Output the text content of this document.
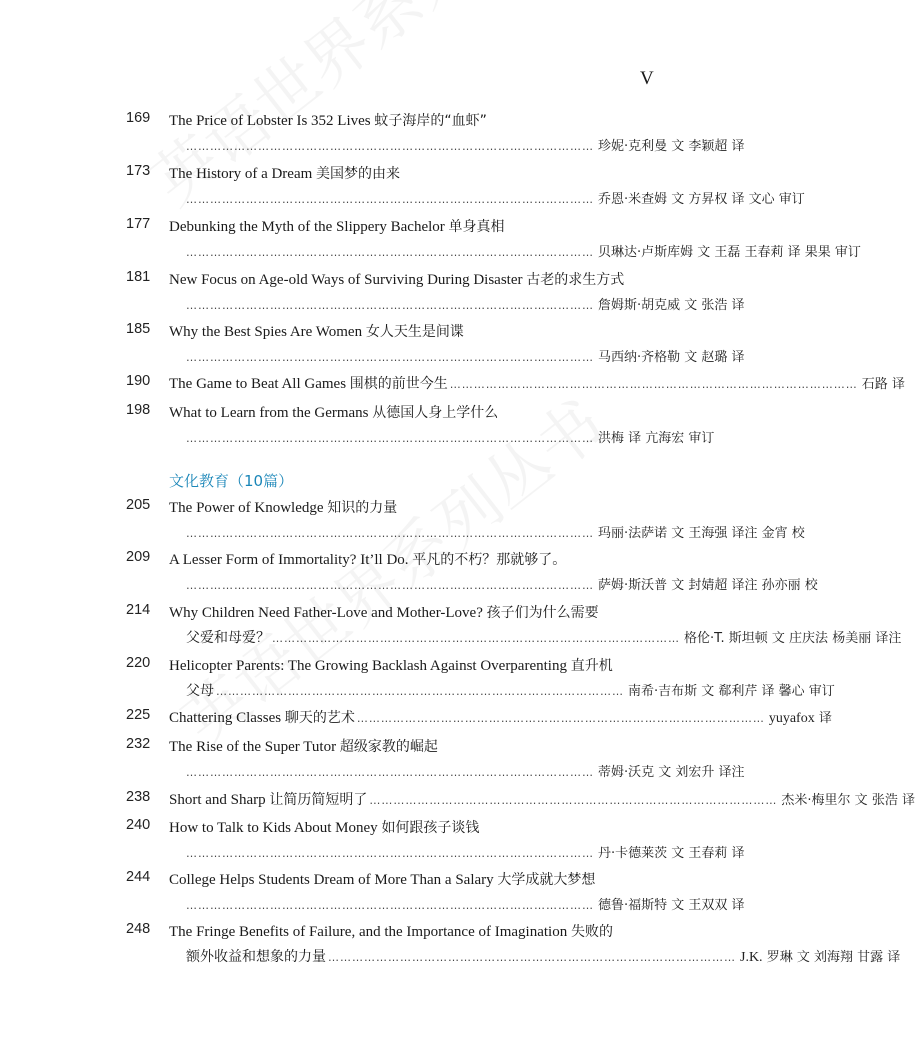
V
169	The Price of Lobster Is 352 Lives 蚊子海岸的“血虾”
………………………………………………………………………………………… 珍妮·克利曼 文 李颖超 译
173	The History of a Dream 美国梦的由来
………………………………………………………………………………………… 乔恩·米查姆 文 方昇权 译 文心 审订
177	Debunking the Myth of the Slippery Bachelor 单身真相
………………………………………………………………………………………… 贝琳达·卢斯库姆 文 王磊 王春莉 译 果果 审订
181	New Focus on Age-old Ways of Surviving During Disaster 古老的求生方式
………………………………………………………………………………………… 詹姆斯·胡克威 文 张浩 译
185	Why the Best Spies Are Women 女人天生是间谍
………………………………………………………………………………………… 马西纳·齐格勒 文 赵璐 译
190	The Game to Beat All Games 围棋的前世今生 ………………………………………………………………………………………… 石路 译
198	What to Learn from the Germans 从德国人身上学什么
………………………………………………………………………………………… 洪梅 译 亢海宏 审订
文化教育（10篇）
205	The Power of Knowledge 知识的力量
………………………………………………………………………………………… 玛丽·法萨诺 文 王海强 译注 金宵 校
209	A Lesser Form of Immortality? It’ll Do. 平凡的不朽？那就够了。
………………………………………………………………………………………… 萨姆·斯沃普 文 封婧超 译注 孙亦丽 校
214	Why Children Need Father-Love and Mother-Love? 孩子们为什么需要
父爱和母爱？ ………………………………………………………………………………………… 格伦·T. 斯坦顿 文 庄庆法 杨美丽 译注
220	Helicopter Parents: The Growing Backlash Against Overparenting 直升机
父母 ………………………………………………………………………………………… 南希·吉布斯 文 郗利芹 译 馨心 审订
225	Chattering Classes 聊天的艺术 ………………………………………………………………………………………… yuyafox 译
232	The Rise of the Super Tutor 超级家教的崛起
………………………………………………………………………………………… 蒂姆·沃克 文 刘宏升 译注
238	Short and Sharp 让简历简短明了 ………………………………………………………………………………………… 杰米·梅里尔 文 张浩 译
240	How to Talk to Kids About Money 如何跟孩子谈钱
………………………………………………………………………………………… 丹·卡德莱茨 文 王春莉 译
244	College Helps Students Dream of More Than a Salary 大学成就大梦想
………………………………………………………………………………………… 德鲁·福斯特 文 王双双 译
248	The Fringe Benefits of Failure, and the Importance of Imagination 失败的
额外收益和想象的力量 ………………………………………………………………………………………… J.K. 罗琳 文 刘海翔 甘露 译
